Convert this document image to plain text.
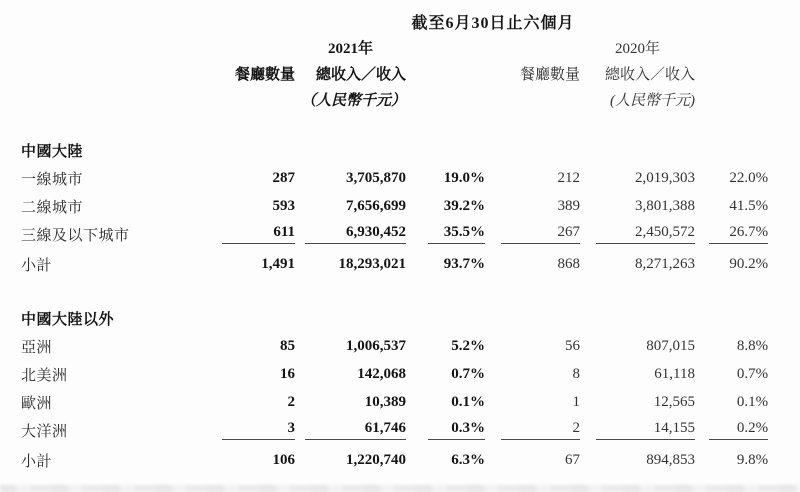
	截至6月30日止六個月					
		2021年			2020年	
	餐廳數量	總收入／收入		餐廳數量	總收入／收入	
		（人民幣千元）			(人民幣千元)	

中國大陸						
一線城市	287	3,705,870	19.0%	212	2,019,303	22.0%

二線城市	593	7,656,699	39.2%	389	3,801,388	41.5%

三線及以下城市	611	6,930,452	35.5%	267	2,450,572	26.7%

小計	1,491	18,293,021	93.7%	868	8,271,263	90.2%

中國大陸以外						
亞洲	85	1,006,537	5.2%	56	807,015	8.8%

北美洲	16	142,068	0.7%	8	61,118	0.7%

歐洲	2	10,389	0.1%	1	12,565	0.1%

大洋洲	3	61,746	0.3%	2	14,155	0.2%

小計	106	1,220,740	6.3%	67	894,853	9.8%
